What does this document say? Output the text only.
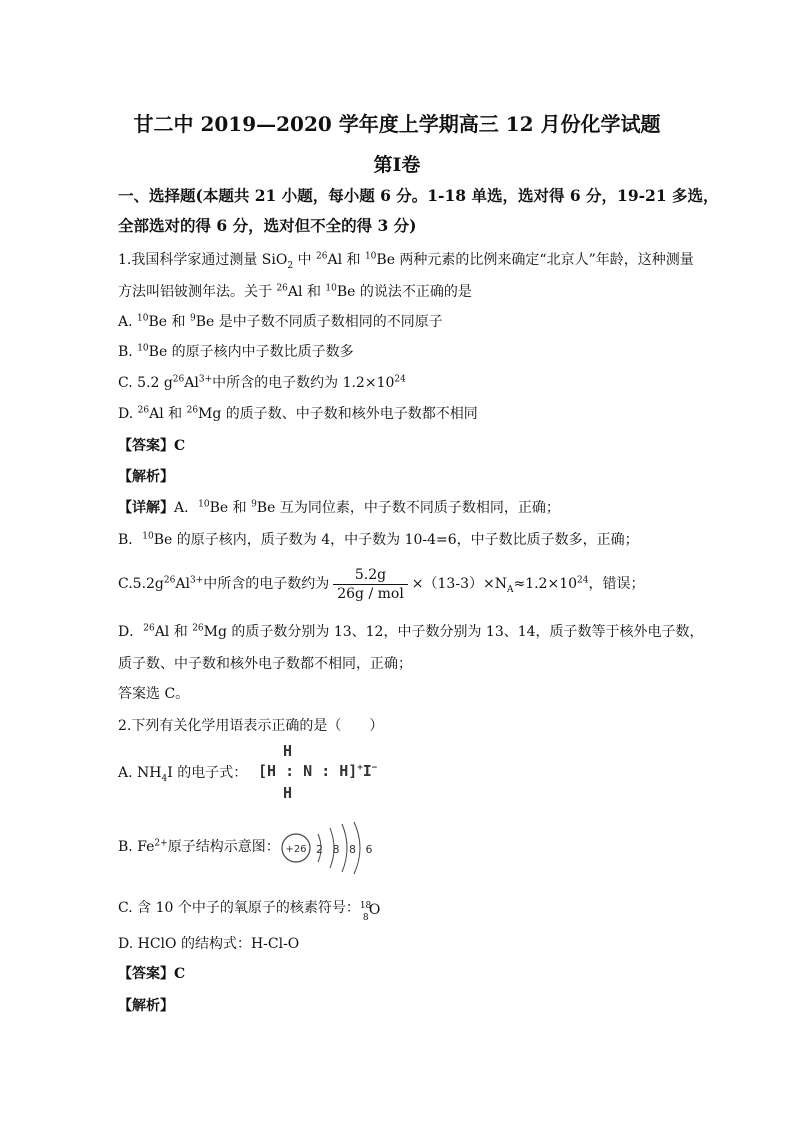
甘二中 2019—2020 学年度上学期高三 12 月份化学试题
第Ⅰ卷
一、选择题(本题共 21 小题，每小题 6 分。1-18 单选，选对得 6 分，19-21 多选，
全部选对的得 6 分，选对但不全的得 3 分)
1.我国科学家通过测量 SiO$_2$ 中 $^{26}$Al 和 $^{10}$Be 两种元素的比例来确定“北京人”年龄，这种测量
方法叫铝铍测年法。关于 $^{26}$Al 和 $^{10}$Be 的说法不正确的是
A. $^{10}$Be 和 $^9$Be 是中子数不同质子数相同的不同原子
B. $^{10}$Be 的原子核内中子数比质子数多
C. 5.2 $g^{26}Al^{3+}$中所含的电子数约为 $1.2\times 10^{24}$
D. $^{26}$Al 和 $^{26}$Mg 的质子数、中子数和核外电子数都不相同
【答案】C
【解析】
【详解】A．$^{10}$Be 和 $^9$Be 互为同位素，中子数不同质子数相同，正确；
B．$^{10}$Be 的原子核内，质子数为 4，中子数为 10-4=6，中子数比质子数多，正确；
$C.5.2g^{26}Al^{3+}$中所含的电子数约为 $\frac{5.2g}{\text{26g / mol}} \times(13-3)\times N_A\approx 1.2\times 10^{24}$，错误；
D．$^{26}$Al 和 $^{26}$Mg 的质子数分别为 13、12，中子数分别为 13、14，质子数等于核外电子数，
质子数、中子数和核外电子数都不相同，正确；
答案选 C。
2.下列有关化学用语表示正确的是（　　）
A. $NH_4I$ 的电子式：
H
[H : N : H]+I−
H
B. $Fe^{2+}$原子结构示意图： +26 2 8 8 6
C. 含 10 个中子的氧原子的核素符号： 18
8 O
D. HClO 的结构式：H-Cl-O
【答案】C
【解析】
